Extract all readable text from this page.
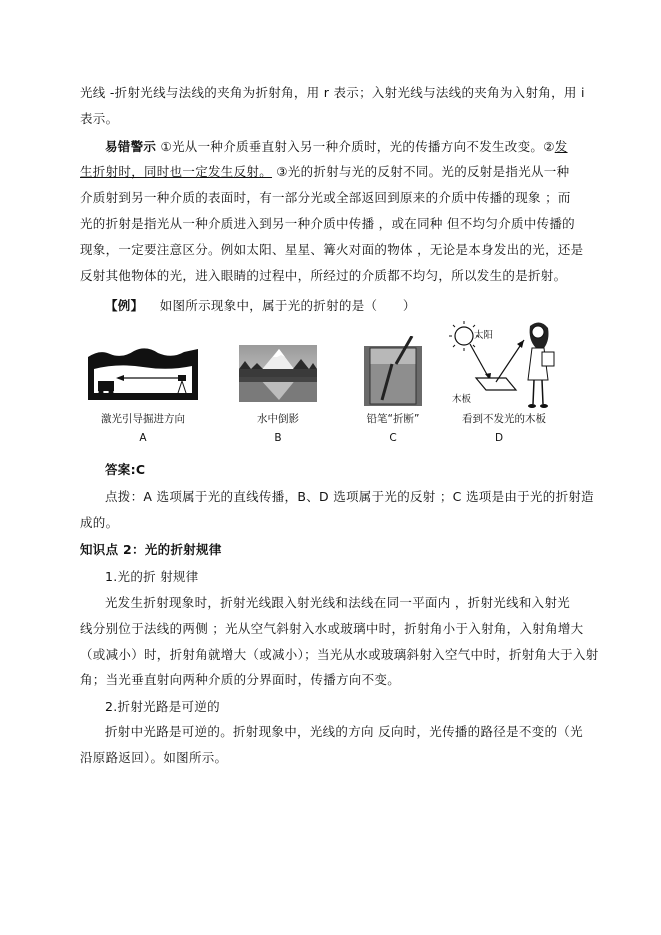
光线 -折射光线与法线的夹角为折射角，用 r 表示；入射光线与法线的夹角为入射角，用 i
表示。
易错警示 ①光从一种介质垂直射入另一种介质时，光的传播方向不发生改变。②发
生折射时，同时也一定发生反射。 ③光的折射与光的反射不同。光的反射是指光从一种
介质射到另一种介质的表面时，有一部分光或全部返回到原来的介质中传播的现象 ；而
光的折射是指光从一种介质进入到另一种介质中传播 ，或在同种 但不均匀介质中传播的
现象，一定要注意区分。例如太阳、星星、篝火对面的物体 ，无论是本身发出的光，还是
反射其他物体的光，进入眼睛的过程中，所经过的介质都不均匀，所以发生的是折射。
【例】 如图所示现象中，属于光的折射的是（　　）
激光引导掘进方向
A
水中倒影
B
铅笔“折断”
C
太阳
木板
看到不发光的木板
D
答案:C
点拨：A 选项属于光的直线传播，B、D 选项属于光的反射 ；C 选项是由于光的折射造
成的。
知识点 2：光的折射规律
1.光的折 射规律
光发生折射现象时，折射光线跟入射光线和法线在同一平面内 ，折射光线和入射光
线分别位于法线的两侧 ；光从空气斜射入水或玻璃中时，折射角小于入射角，入射角增大
（或减小）时，折射角就增大（或减小）；当光从水或玻璃斜射入空气中时，折射角大于入射
角；当光垂直射向两种介质的分界面时，传播方向不变。
2.折射光路是可逆的
折射中光路是可逆的。折射现象中，光线的方向 反向时，光传播的路径是不变的（光
沿原路返回）。如图所示。
